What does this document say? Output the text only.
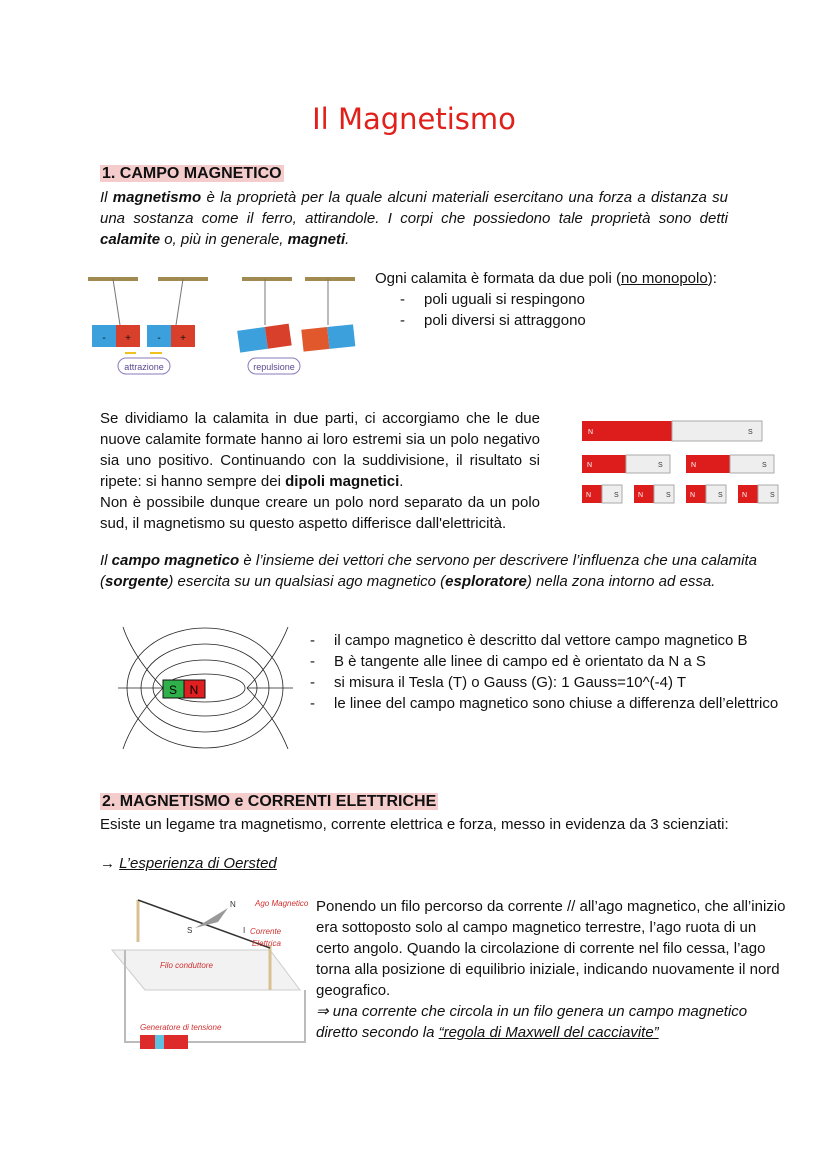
Il Magnetismo
1. CAMPO MAGNETICO
Il magnetismo è la proprietà per la quale alcuni materiali esercitano una forza a distanza su una sostanza come il ferro, attirandole. I corpi che possiedono tale proprietà sono detti calamite o, più in generale, magneti.
- +	- +
attrazione	repulsione
Ogni calamita è formata da due poli (no monopolo):
- poli uguali si respingono
- poli diversi si attraggono
Se dividiamo la calamita in due parti, ci accorgiamo che le due nuove calamite formate hanno ai loro estremi sia un polo negativo sia uno positivo. Continuando con la suddivisione, il risultato si ripete: si hanno sempre dei dipoli magnetici.
Non è possibile dunque creare un polo nord separato da un polo sud, il magnetismo su questo aspetto differisce dall'elettricità.
N	S
N	S	N	S
N	S	N	S	N	S	N	S
Il campo magnetico è l’insieme dei vettori che servono per descrivere l’influenza che una calamita (sorgente) esercita su un qualsiasi ago magnetico (esploratore) nella zona intorno ad essa.
S N
- il campo magnetico è descritto dal vettore campo magnetico B
- B è tangente alle linee di campo ed è orientato da N a S
- si misura il Tesla (T) o Gauss (G): 1 Gauss=10^(-4) T
- le linee del campo magnetico sono chiuse a differenza dell’elettrico
2. MAGNETISMO e CORRENTI ELETTRICHE
Esiste un legame tra magnetismo, corrente elettrica e forza, messo in evidenza da 3 scienziati:
→ L’esperienza di Oersted
Ago Magnetico
Corrente
Elettrica
Filo conduttore
Generatore di tensione
N
S	I
Ponendo un filo percorso da corrente // all’ago magnetico, che all’inizio era sottoposto solo al campo magnetico terrestre, l’ago ruota di un certo angolo. Quando la circolazione di corrente nel filo cessa, l’ago torna alla posizione di equilibrio iniziale, indicando nuovamente il nord geografico.
⇒ una corrente che circola in un filo genera un campo magnetico diretto secondo la “regola di Maxwell del cacciavite”
